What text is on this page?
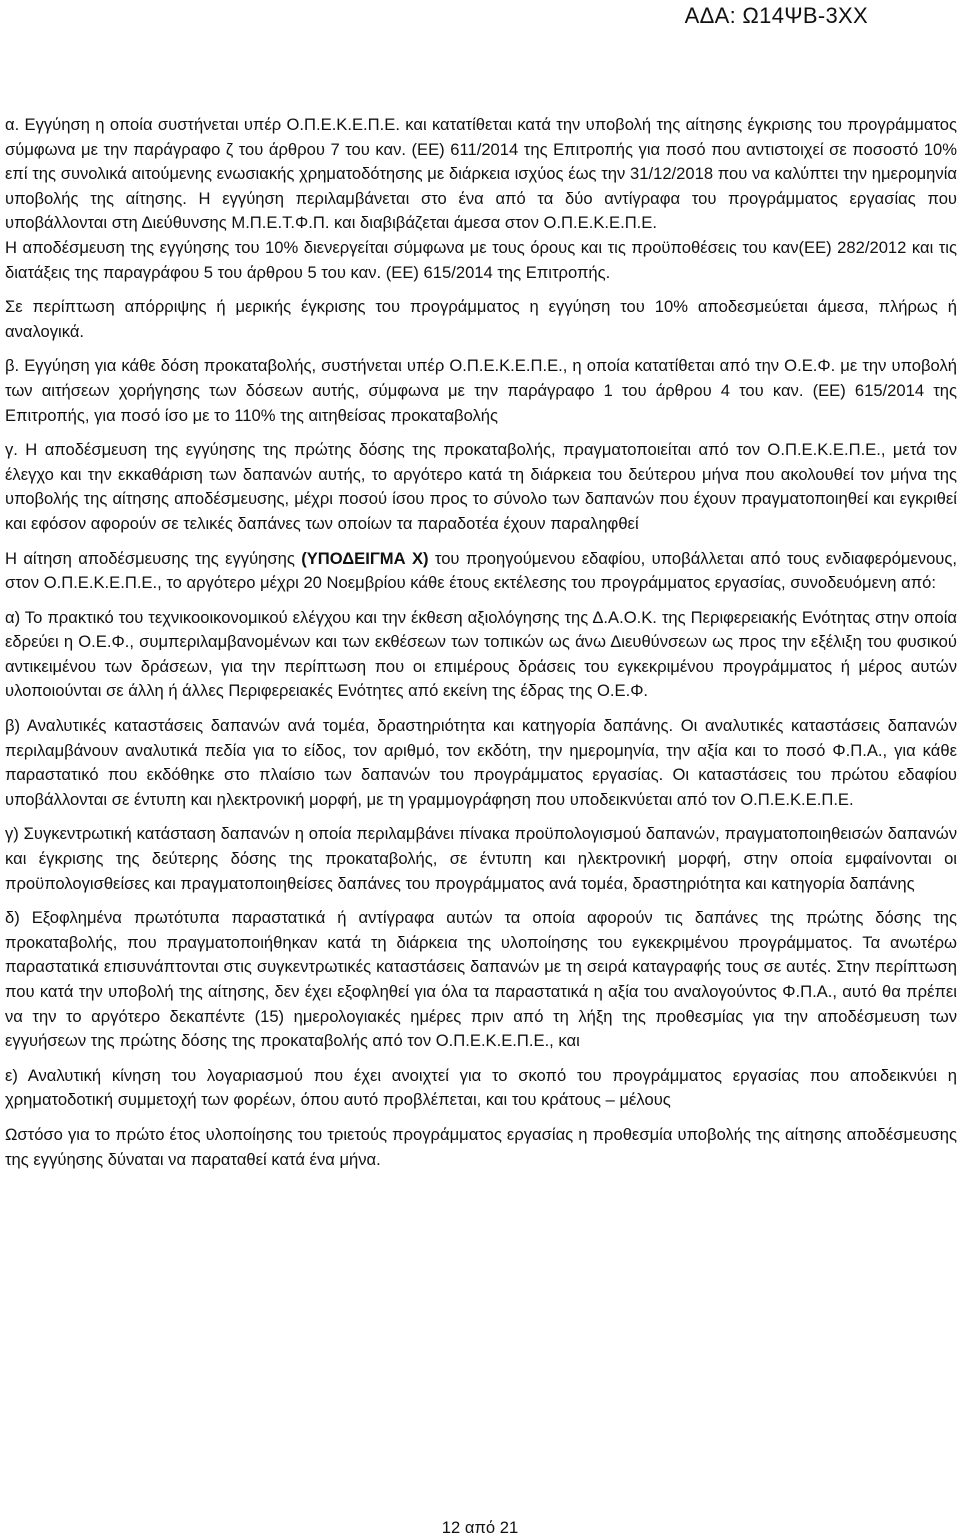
ΑΔΑ: Ω14ΨΒ-3ΧΧ

α. Εγγύηση η οποία συστήνεται υπέρ Ο.Π.Ε.Κ.Ε.Π.Ε. και κατατίθεται κατά την υποβολή της αίτησης έγκρισης του προγράμματος σύμφωνα με την παράγραφο ζ του άρθρου 7 του καν. (ΕΕ) 611/2014 της Επιτροπής για ποσό που αντιστοιχεί σε ποσοστό 10% επί της συνολικά αιτούμενης ενωσιακής χρηματοδότησης με διάρκεια ισχύος έως την 31/12/2018 που να καλύπτει την ημερομηνία υποβολής της αίτησης. Η εγγύηση περιλαμβάνεται στο ένα από τα δύο αντίγραφα του προγράμματος εργασίας που υποβάλλονται στη Διεύθυνσης Μ.Π.Ε.Τ.Φ.Π. και διαβιβάζεται άμεσα στον Ο.Π.Ε.Κ.Ε.Π.Ε.

Η αποδέσμευση της εγγύησης του 10% διενεργείται σύμφωνα με τους όρους και τις προϋποθέσεις του καν(ΕΕ) 282/2012 και τις διατάξεις της παραγράφου 5 του άρθρου 5 του καν. (ΕΕ) 615/2014 της Επιτροπής.

Σε περίπτωση απόρριψης ή μερικής έγκρισης του προγράμματος η εγγύηση του 10% αποδεσμεύεται άμεσα, πλήρως ή αναλογικά.

β. Εγγύηση για κάθε δόση προκαταβολής, συστήνεται υπέρ Ο.Π.Ε.Κ.Ε.Π.Ε., η οποία κατατίθεται από την Ο.Ε.Φ. με την υποβολή των αιτήσεων χορήγησης των δόσεων αυτής, σύμφωνα με την παράγραφο 1 του άρθρου 4 του καν. (ΕΕ) 615/2014 της Επιτροπής, για ποσό ίσο με το 110% της αιτηθείσας προκαταβολής

γ. Η αποδέσμευση της εγγύησης της πρώτης δόσης της προκαταβολής, πραγματοποιείται από τον Ο.Π.Ε.Κ.Ε.Π.Ε., μετά τον έλεγχο και την εκκαθάριση των δαπανών αυτής, το αργότερο κατά τη διάρκεια του δεύτερου μήνα που ακολουθεί τον μήνα της υποβολής της αίτησης αποδέσμευσης, μέχρι ποσού ίσου προς το σύνολο των δαπανών που έχουν πραγματοποιηθεί και εγκριθεί και εφόσον αφορούν σε τελικές δαπάνες των οποίων τα παραδοτέα έχουν παραληφθεί

Η αίτηση αποδέσμευσης της εγγύησης (ΥΠΟΔΕΙΓΜΑ Χ) του προηγούμενου εδαφίου, υποβάλλεται από τους ενδιαφερόμενους, στον Ο.Π.Ε.Κ.Ε.Π.Ε., το αργότερο μέχρι 20 Νοεμβρίου κάθε έτους εκτέλεσης του προγράμματος εργασίας, συνοδευόμενη από:

α) Το πρακτικό του τεχνικοοικονομικού ελέγχου και την έκθεση αξιολόγησης της Δ.Α.Ο.Κ. της Περιφερειακής Ενότητας στην οποία εδρεύει η Ο.Ε.Φ., συμπεριλαμβανομένων και των εκθέσεων των τοπικών ως άνω Διευθύνσεων ως προς την εξέλιξη του φυσικού αντικειμένου των δράσεων, για την περίπτωση που οι επιμέρους δράσεις του εγκεκριμένου προγράμματος ή μέρος αυτών υλοποιούνται σε άλλη ή άλλες Περιφερειακές Ενότητες από εκείνη της έδρας της Ο.Ε.Φ.

β) Αναλυτικές καταστάσεις δαπανών ανά τομέα, δραστηριότητα και κατηγορία δαπάνης. Οι αναλυτικές καταστάσεις δαπανών περιλαμβάνουν αναλυτικά πεδία για το είδος, τον αριθμό, τον εκδότη, την ημερομηνία, την αξία και το ποσό Φ.Π.Α., για κάθε παραστατικό που εκδόθηκε στο πλαίσιο των δαπανών του προγράμματος εργασίας. Οι καταστάσεις του πρώτου εδαφίου υποβάλλονται σε έντυπη και ηλεκτρονική μορφή, με τη γραμμογράφηση που υποδεικνύεται από τον Ο.Π.Ε.Κ.Ε.Π.Ε.

γ) Συγκεντρωτική κατάσταση δαπανών η οποία περιλαμβάνει πίνακα προϋπολογισμού δαπανών, πραγματοποιηθεισών δαπανών και έγκρισης της δεύτερης δόσης της προκαταβολής, σε έντυπη και ηλεκτρονική μορφή, στην οποία εμφαίνονται οι προϋπολογισθείσες και πραγματοποιηθείσες δαπάνες του προγράμματος ανά τομέα, δραστηριότητα και κατηγορία δαπάνης

δ) Εξοφλημένα πρωτότυπα παραστατικά ή αντίγραφα αυτών τα οποία αφορούν τις δαπάνες της πρώτης δόσης της προκαταβολής, που πραγματοποιήθηκαν κατά τη διάρκεια της υλοποίησης του εγκεκριμένου προγράμματος. Τα ανωτέρω παραστατικά επισυνάπτονται στις συγκεντρωτικές καταστάσεις δαπανών με τη σειρά καταγραφής τους σε αυτές. Στην περίπτωση που κατά την υποβολή της αίτησης, δεν έχει εξοφληθεί για όλα τα παραστατικά η αξία του αναλογούντος Φ.Π.Α., αυτό θα πρέπει να την το αργότερο δεκαπέντε (15) ημερολογιακές ημέρες πριν από τη λήξη της προθεσμίας για την αποδέσμευση των εγγυήσεων της πρώτης δόσης της προκαταβολής από τον Ο.Π.Ε.Κ.Ε.Π.Ε., και

ε) Αναλυτική κίνηση του λογαριασμού που έχει ανοιχτεί για το σκοπό του προγράμματος εργασίας που αποδεικνύει η χρηματοδοτική συμμετοχή των φορέων, όπου αυτό προβλέπεται, και του κράτους – μέλους

Ωστόσο για το πρώτο έτος υλοποίησης του τριετούς προγράμματος εργασίας η προθεσμία υποβολής της αίτησης αποδέσμευσης της εγγύησης δύναται να παραταθεί κατά ένα μήνα.

12 από 21
